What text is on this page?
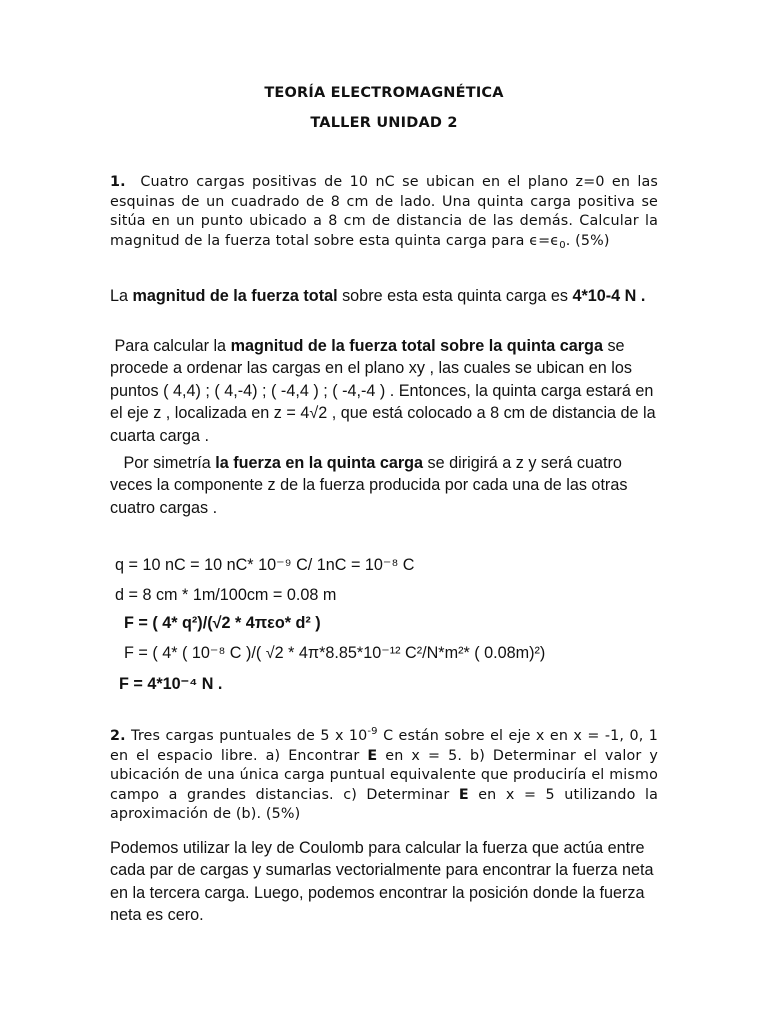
TEORÍA ELECTROMAGNÉTICA
TALLER UNIDAD 2
1. Cuatro cargas positivas de 10 nC se ubican en el plano z=0 en las esquinas de un cuadrado de 8 cm de lado. Una quinta carga positiva se sitúa en un punto ubicado a 8 cm de distancia de las demás. Calcular la magnitud de la fuerza total sobre esta quinta carga para $\epsilon=\epsilon_0$. (5%)
La magnitud de la fuerza total sobre esta esta quinta carga es 4*10-4 N .
Para calcular la magnitud de la fuerza total sobre la quinta carga se procede a ordenar las cargas en el plano xy , las cuales se ubican en los puntos ( 4,4) ; ( 4,-4) ; ( -4,4 ) ; ( -4,-4 ) . Entonces, la quinta carga estará en el eje z , localizada en z = 4√2 , que está colocado a 8 cm de distancia de la cuarta carga .
Por simetría la fuerza en la quinta carga se dirigirá a z y será cuatro veces la componente z de la fuerza producida por cada una de las otras cuatro cargas .
q = 10 nC = 10 nC* 10⁻⁹ C/ 1nC = 10⁻⁸ C
d = 8 cm * 1m/100cm = 0.08 m
F = ( 4* q²)/(√2 * 4πεo* d² )
F = ( 4* ( 10⁻⁸ C )/( √2 * 4π*8.85*10⁻¹² C²/N*m²* ( 0.08m)²)
F = 4*10⁻⁴ N .
2. Tres cargas puntuales de 5 x $10^{-9}$ C están sobre el eje x en x = -1, 0, 1 en el espacio libre. a) Encontrar E en x = 5. b) Determinar el valor y ubicación de una única carga puntual equivalente que produciría el mismo campo a grandes distancias. c) Determinar E en x = 5 utilizando la aproximación de (b). (5%)
Podemos utilizar la ley de Coulomb para calcular la fuerza que actúa entre cada par de cargas y sumarlas vectorialmente para encontrar la fuerza neta en la tercera carga. Luego, podemos encontrar la posición donde la fuerza neta es cero.
